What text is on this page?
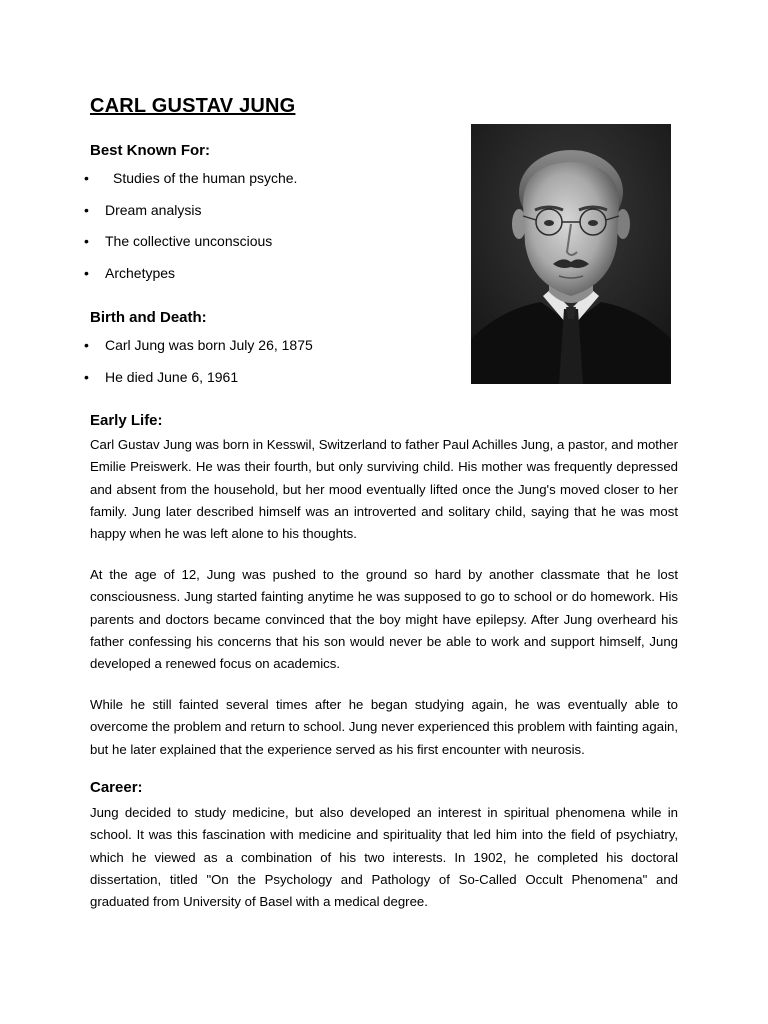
CARL GUSTAV JUNG
Best Known For:
• Studies of the human psyche.
• Dream analysis
• The collective unconscious
• Archetypes
Birth and Death:
• Carl Jung was born July 26, 1875
• He died June 6, 1961
Early Life:

Carl Gustav Jung was born in Kesswil, Switzerland to father Paul Achilles Jung, a pastor, and mother Emilie Preiswerk. He was their fourth, but only surviving child. His mother was frequently depressed and absent from the household, but her mood eventually lifted once the Jung's moved closer to her family. Jung later described himself was an introverted and solitary child, saying that he was most happy when he was left alone to his thoughts.

At the age of 12, Jung was pushed to the ground so hard by another classmate that he lost consciousness. Jung started fainting anytime he was supposed to go to school or do homework. His parents and doctors became convinced that the boy might have epilepsy. After Jung overheard his father confessing his concerns that his son would never be able to work and support himself, Jung developed a renewed focus on academics.

While he still fainted several times after he began studying again, he was eventually able to overcome the problem and return to school. Jung never experienced this problem with fainting again, but he later explained that the experience served as his first encounter with neurosis.

Career:

Jung decided to study medicine, but also developed an interest in spiritual phenomena while in school. It was this fascination with medicine and spirituality that led him into the field of psychiatry, which he viewed as a combination of his two interests. In 1902, he completed his doctoral dissertation, titled "On the Psychology and Pathology of So-Called Occult Phenomena" and graduated from University of Basel with a medical degree.
